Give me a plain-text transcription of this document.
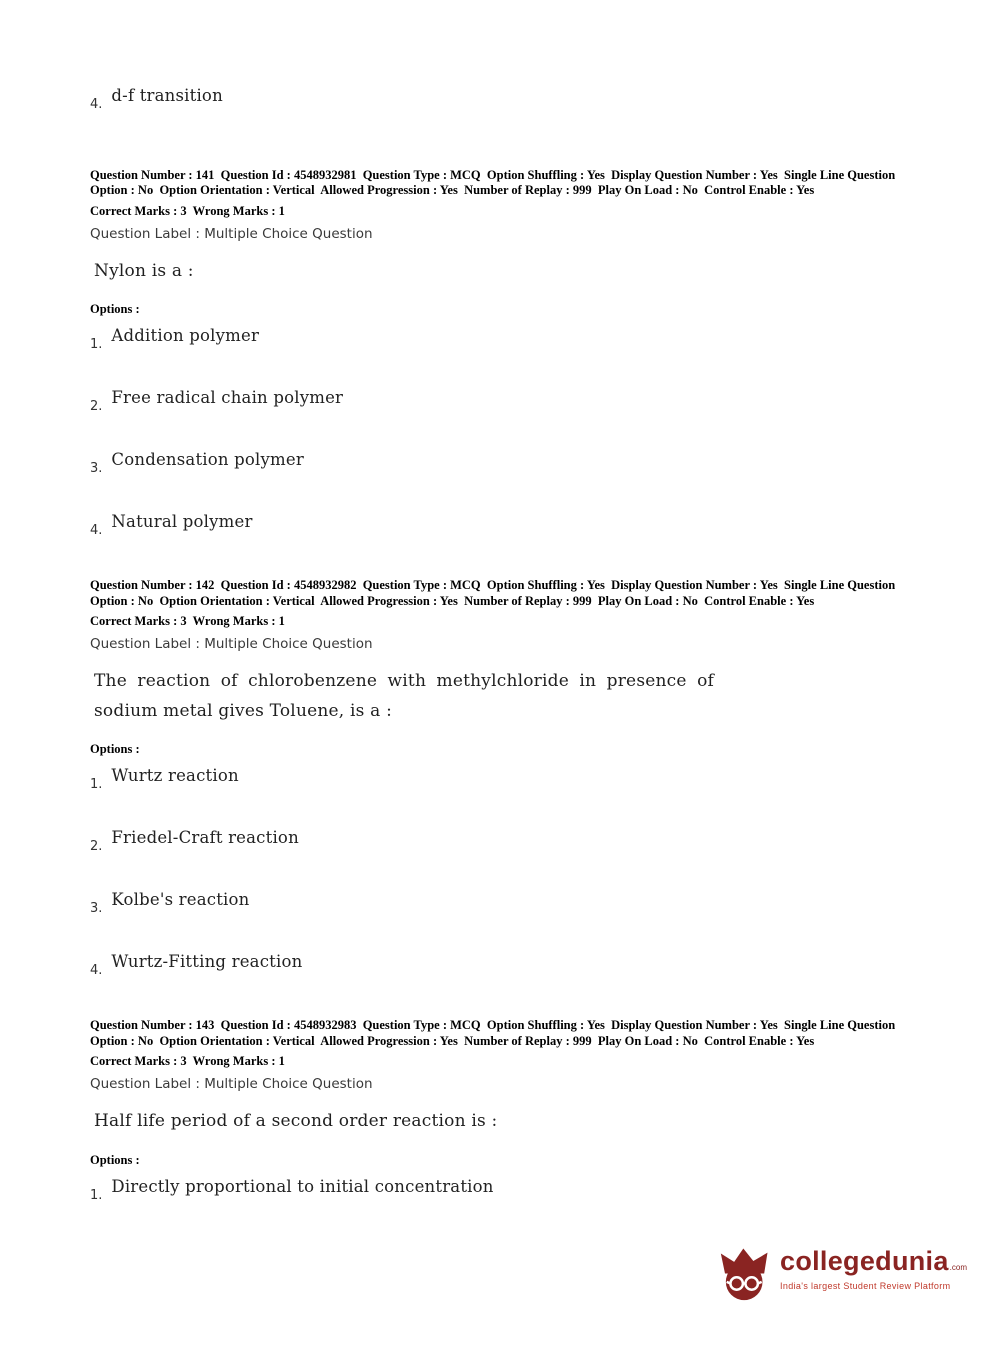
4. d-f transition

Question Number : 141  Question Id : 4548932981  Question Type : MCQ  Option Shuffling : Yes  Display Question Number : Yes  Single Line Question Option : No  Option Orientation : Vertical  Allowed Progression : Yes  Number of Replay : 999  Play On Load : No  Control Enable : Yes

Correct Marks : 3  Wrong Marks : 1

Question Label : Multiple Choice Question

Nylon is a :

Options :

1. Addition polymer
2. Free radical chain polymer
3. Condensation polymer
4. Natural polymer

Question Number : 142  Question Id : 4548932982  Question Type : MCQ  Option Shuffling : Yes  Display Question Number : Yes  Single Line Question Option : No  Option Orientation : Vertical  Allowed Progression : Yes  Number of Replay : 999  Play On Load : No  Control Enable : Yes

Correct Marks : 3  Wrong Marks : 1

Question Label : Multiple Choice Question

The reaction of chlorobenzene with methylchloride in presence of sodium metal gives Toluene, is a :

Options :

1. Wurtz reaction
2. Friedel-Craft reaction
3. Kolbe's reaction
4. Wurtz-Fitting reaction

Question Number : 143  Question Id : 4548932983  Question Type : MCQ  Option Shuffling : Yes  Display Question Number : Yes  Single Line Question Option : No  Option Orientation : Vertical  Allowed Progression : Yes  Number of Replay : 999  Play On Load : No  Control Enable : Yes

Correct Marks : 3  Wrong Marks : 1

Question Label : Multiple Choice Question

Half life period of a second order reaction is :

Options :

1. Directly proportional to initial concentration
collegedunia .com
India's largest Student Review Platform
